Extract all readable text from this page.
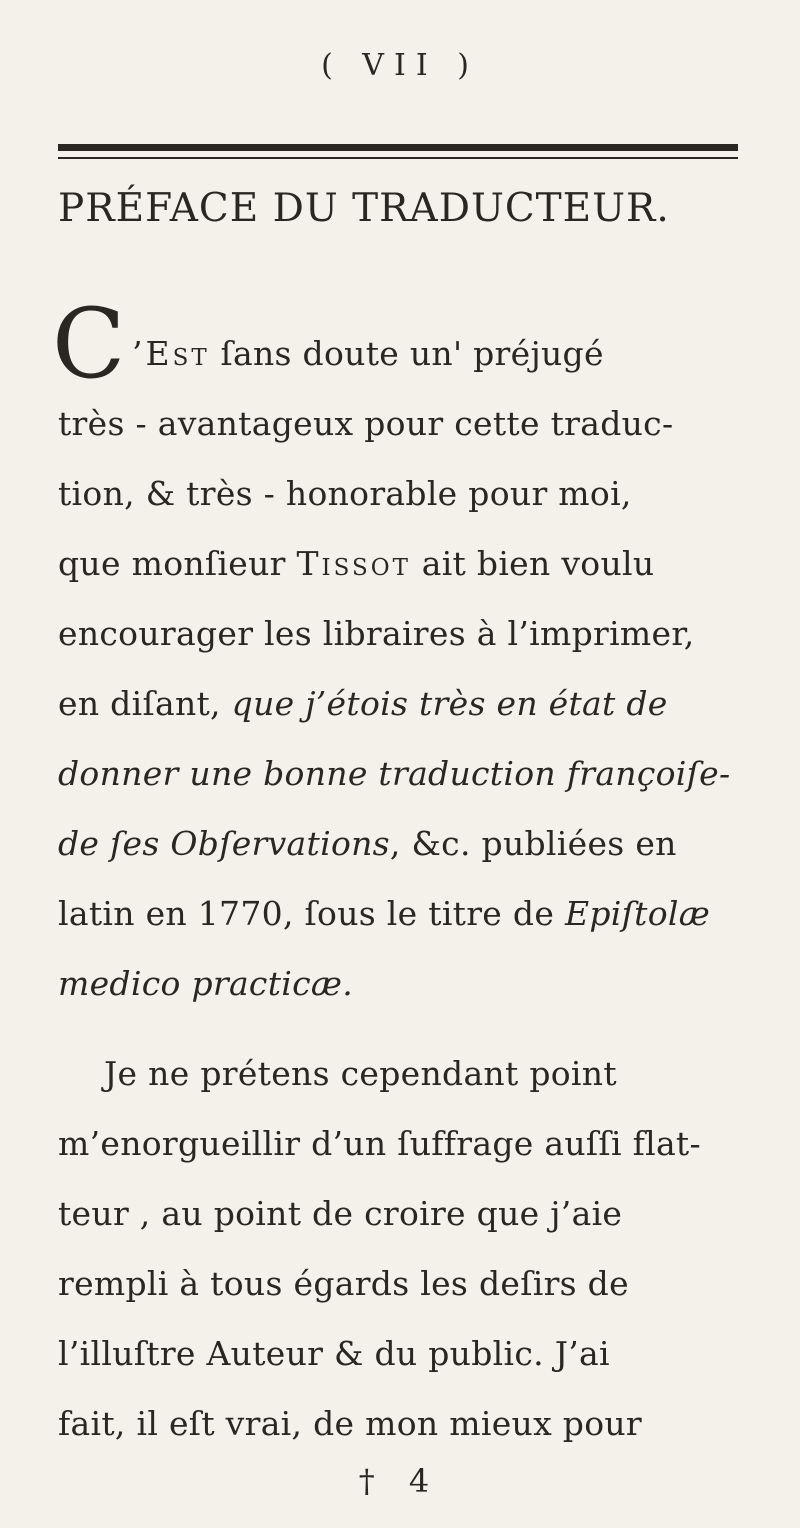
( VII )
PRÉFACE DU TRADUCTEUR.
C ’Est ſans doute un' préjugé
très - avantageux pour cette traduc-
tion, & très - honorable pour moi,
que monſieur Tissot ait bien voulu
encourager les libraires à l’imprimer,
en diſant, que j’étois très en état de
donner une bonne traduction françoiſe-
de ſes Obſervations, &c. publiées en
latin en 1770, ſous le titre de Epiſtolæ
medico practicæ.
Je ne prétens cependant point
m’enorgueillir d’un ſuffrage auſſi flat-
teur , au point de croire que j’aie
rempli à tous égards les deſirs de
l’illuſtre Auteur & du public. J’ai
fait, il eſt vrai, de mon mieux pour
† 4
